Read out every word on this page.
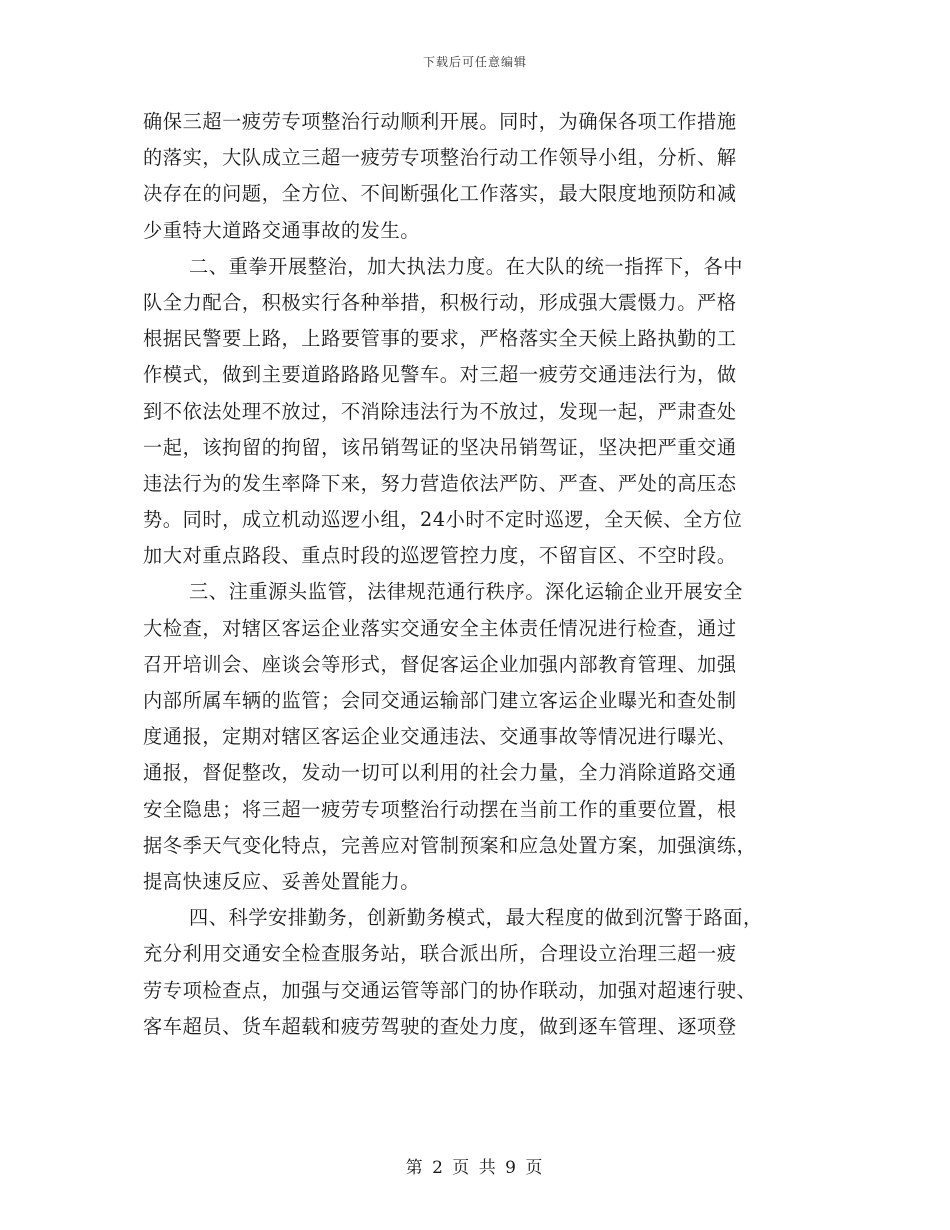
下载后可任意编辑
确保三超一疲劳专项整治行动顺利开展。同时，为确保各项工作措施
的落实，大队成立三超一疲劳专项整治行动工作领导小组，分析、解
决存在的问题，全方位、不间断强化工作落实，最大限度地预防和减
少重特大道路交通事故的发生。
二、重拳开展整治，加大执法力度。在大队的统一指挥下，各中
队全力配合，积极实行各种举措，积极行动，形成强大震慑力。严格
根据民警要上路，上路要管事的要求，严格落实全天候上路执勤的工
作模式，做到主要道路路路见警车。对三超一疲劳交通违法行为，做
到不依法处理不放过，不消除违法行为不放过，发现一起，严肃查处
一起，该拘留的拘留，该吊销驾证的坚决吊销驾证，坚决把严重交通
违法行为的发生率降下来，努力营造依法严防、严查、严处的高压态
势。同时，成立机动巡逻小组，24小时不定时巡逻，全天候、全方位
加大对重点路段、重点时段的巡逻管控力度，不留盲区、不空时段。
三、注重源头监管，法律规范通行秩序。深化运输企业开展安全
大检查，对辖区客运企业落实交通安全主体责任情况进行检查，通过
召开培训会、座谈会等形式，督促客运企业加强内部教育管理、加强
内部所属车辆的监管；会同交通运输部门建立客运企业曝光和查处制
度通报，定期对辖区客运企业交通违法、交通事故等情况进行曝光、
通报，督促整改，发动一切可以利用的社会力量，全力消除道路交通
安全隐患；将三超一疲劳专项整治行动摆在当前工作的重要位置，根
据冬季天气变化特点，完善应对管制预案和应急处置方案，加强演练，
提高快速反应、妥善处置能力。
四、科学安排勤务，创新勤务模式，最大程度的做到沉警于路面，
充分利用交通安全检查服务站，联合派出所，合理设立治理三超一疲
劳专项检查点，加强与交通运管等部门的协作联动，加强对超速行驶、
客车超员、货车超载和疲劳驾驶的查处力度，做到逐车管理、逐项登
第 2 页 共 9 页
